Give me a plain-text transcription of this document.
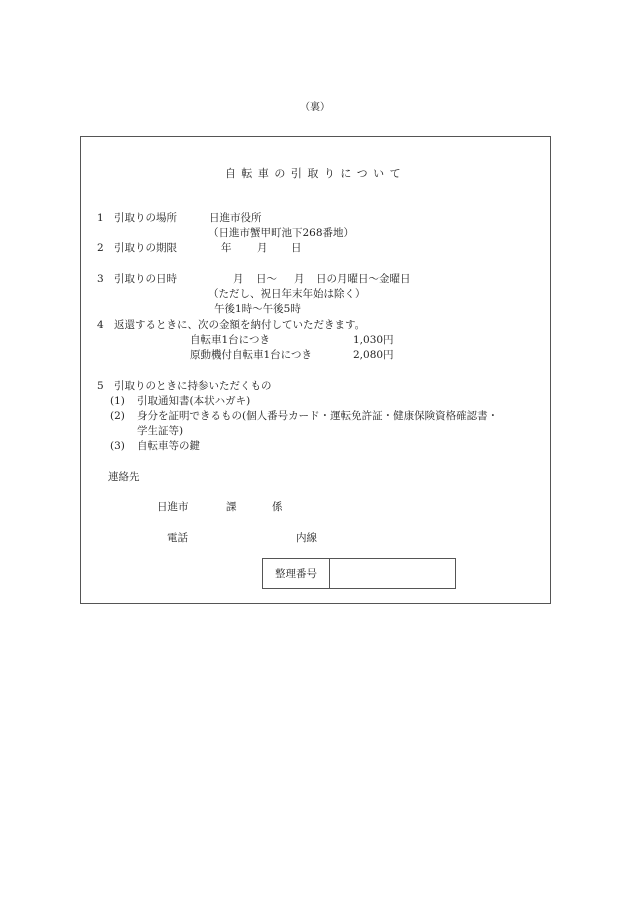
（裏）
自転車の引取りについて
1 引取りの場所	日進市役所
（日進市蟹甲町池下268番地）
2 引取りの期限	年 月 日
3 引取りの日時	月 日～ 月 日の月曜日～金曜日
（ただし、祝日年末年始は除く）
午後1時～午後5時
4 返還するときに、次の金額を納付していただきます。
自転車1台につき	1,030円
原動機付自転車1台につき	2,080円
5 引取りのときに持参いただくもの
(1) 引取通知書(本状ハガキ)
(2) 身分を証明できるもの(個人番号カード・運転免許証・健康保険資格確認書・
学生証等)
(3) 自転車等の鍵
連絡先
日進市	課	係
電話	内線
整理番号
